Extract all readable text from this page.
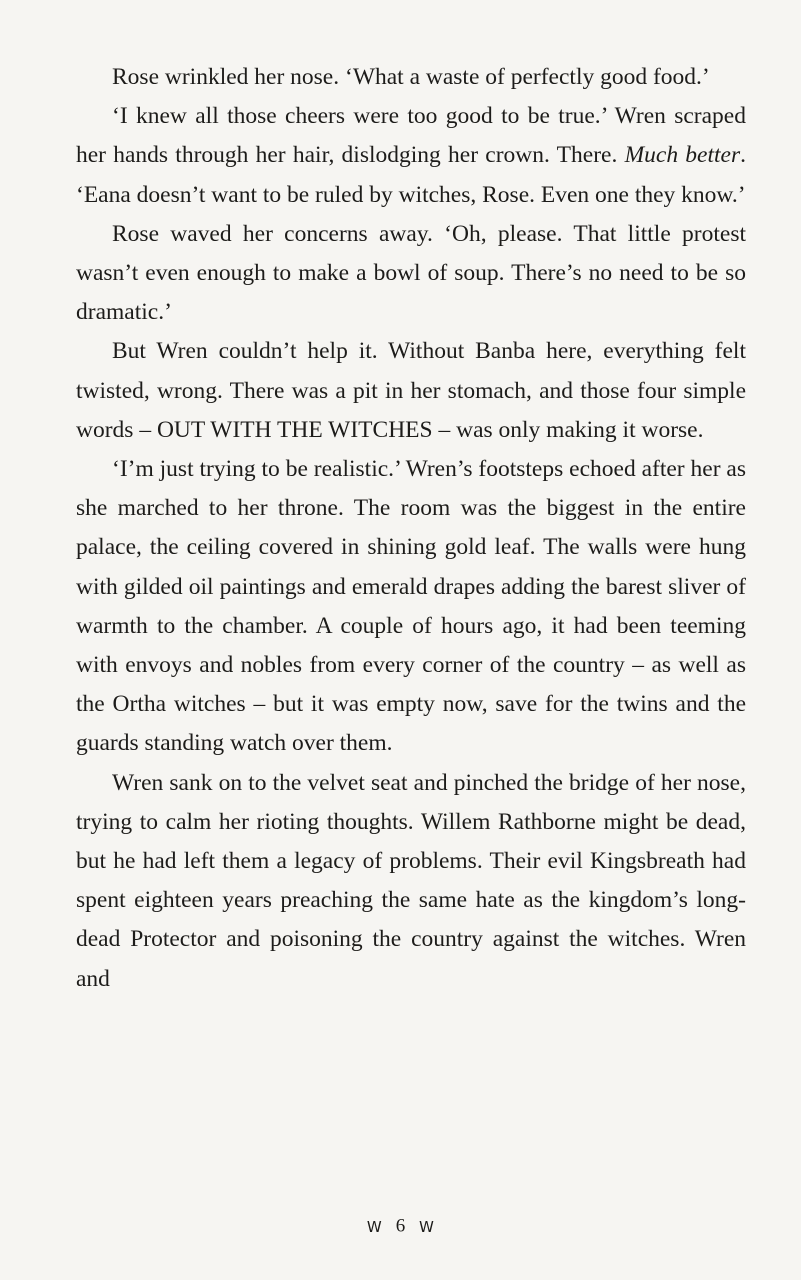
Rose wrinkled her nose. ‘What a waste of perfectly good food.’

‘I knew all those cheers were too good to be true.’ Wren scraped her hands through her hair, dislodging her crown. There. Much better. ‘Eana doesn’t want to be ruled by witches, Rose. Even one they know.’

Rose waved her concerns away. ‘Oh, please. That little protest wasn’t even enough to make a bowl of soup. There’s no need to be so dramatic.’

But Wren couldn’t help it. Without Banba here, everything felt twisted, wrong. There was a pit in her stomach, and those four simple words – OUT WITH THE WITCHES – was only making it worse.

‘I’m just trying to be realistic.’ Wren’s footsteps echoed after her as she marched to her throne. The room was the biggest in the entire palace, the ceiling covered in shining gold leaf. The walls were hung with gilded oil paintings and emerald drapes adding the barest sliver of warmth to the chamber. A couple of hours ago, it had been teeming with envoys and nobles from every corner of the country – as well as the Ortha witches – but it was empty now, save for the twins and the guards standing watch over them.

Wren sank on to the velvet seat and pinched the bridge of her nose, trying to calm her rioting thoughts. Willem Rathborne might be dead, but he had left them a legacy of problems. Their evil Kingsbreath had spent eighteen years preaching the same hate as the kingdom’s long-dead Protector and poisoning the country against the witches. Wren and

W 6 W
